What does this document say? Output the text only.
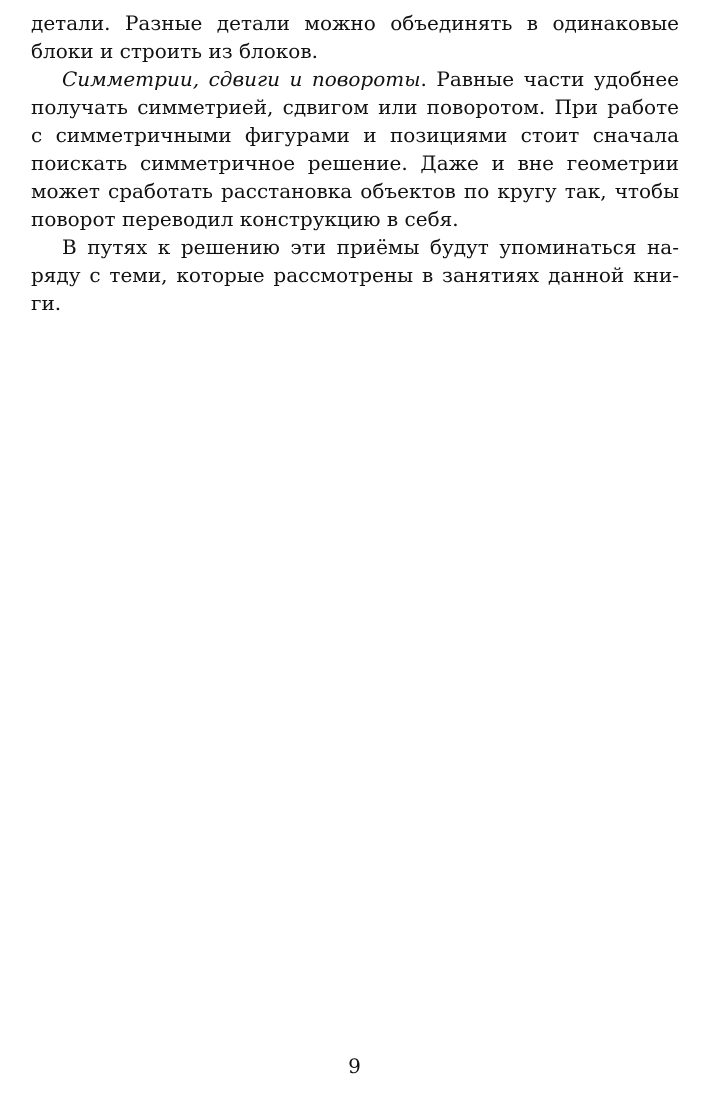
детали. Разные детали можно объединять в одинаковые
блоки и строить из блоков.
Симметрии, сдвиги и повороты. Равные части удобнее
получать симметрией, сдвигом или поворотом. При работе
с симметричными фигурами и позициями стоит сначала
поискать симметричное решение. Даже и вне геометрии
может сработать расстановка объектов по кругу так, чтобы
поворот переводил конструкцию в себя.
В путях к решению эти приёмы будут упоминаться на-
ряду с теми, которые рассмотрены в занятиях данной кни-
ги.
9
